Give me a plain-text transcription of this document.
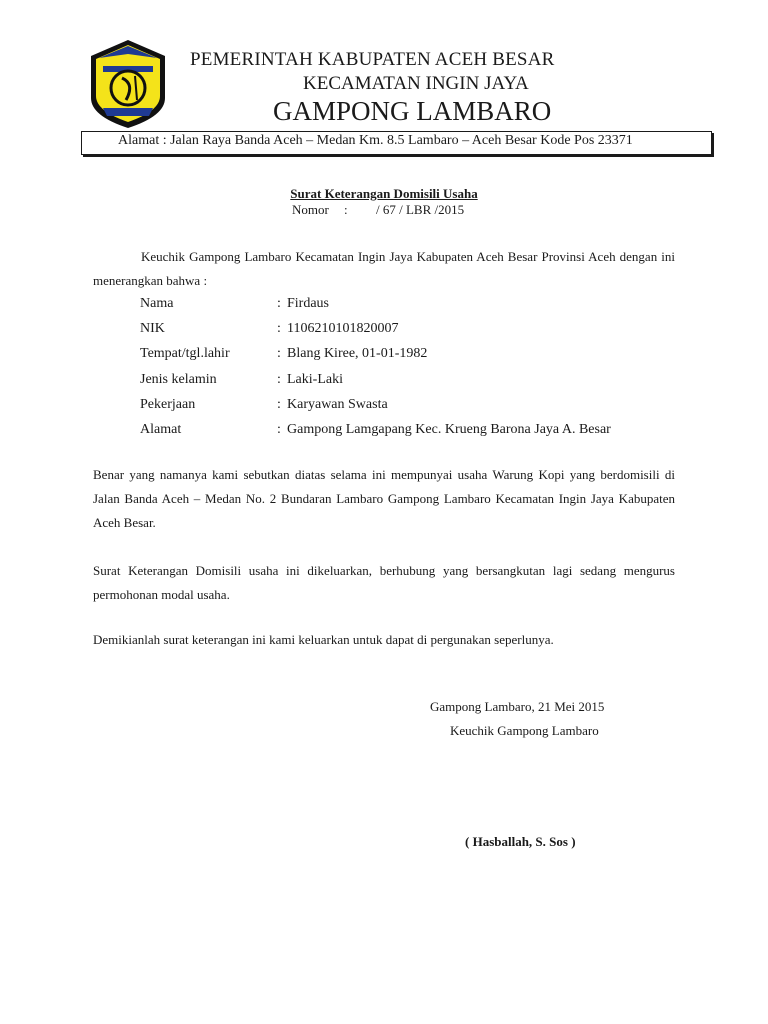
PEMERINTAH KABUPATEN ACEH BESAR
KECAMATAN INGIN JAYA
GAMPONG LAMBARO
Alamat : Jalan Raya Banda Aceh – Medan Km. 8.5 Lambaro – Aceh Besar Kode Pos 23371
Surat Keterangan Domisili Usaha
Nomor : / 67 / LBR /2015
Keuchik Gampong Lambaro Kecamatan Ingin Jaya Kabupaten Aceh Besar Provinsi Aceh dengan ini menerangkan bahwa :
Nama	: Firdaus
NIK	: 1106210101820007
Tempat/tgl.lahir	: Blang Kiree, 01-01-1982
Jenis kelamin	: Laki-Laki
Pekerjaan	: Karyawan Swasta
Alamat	: Gampong Lamgapang Kec. Krueng Barona Jaya A. Besar
Benar yang namanya kami sebutkan diatas selama ini mempunyai usaha Warung Kopi yang berdomisili di Jalan Banda Aceh – Medan No. 2 Bundaran Lambaro Gampong Lambaro Kecamatan Ingin Jaya Kabupaten Aceh Besar.
Surat Keterangan Domisili usaha ini dikeluarkan, berhubung yang bersangkutan lagi sedang mengurus permohonan modal usaha.
Demikianlah surat keterangan ini kami keluarkan untuk dapat di pergunakan seperlunya.
Gampong Lambaro, 21 Mei 2015
Keuchik Gampong Lambaro
( Hasballah, S. Sos )
